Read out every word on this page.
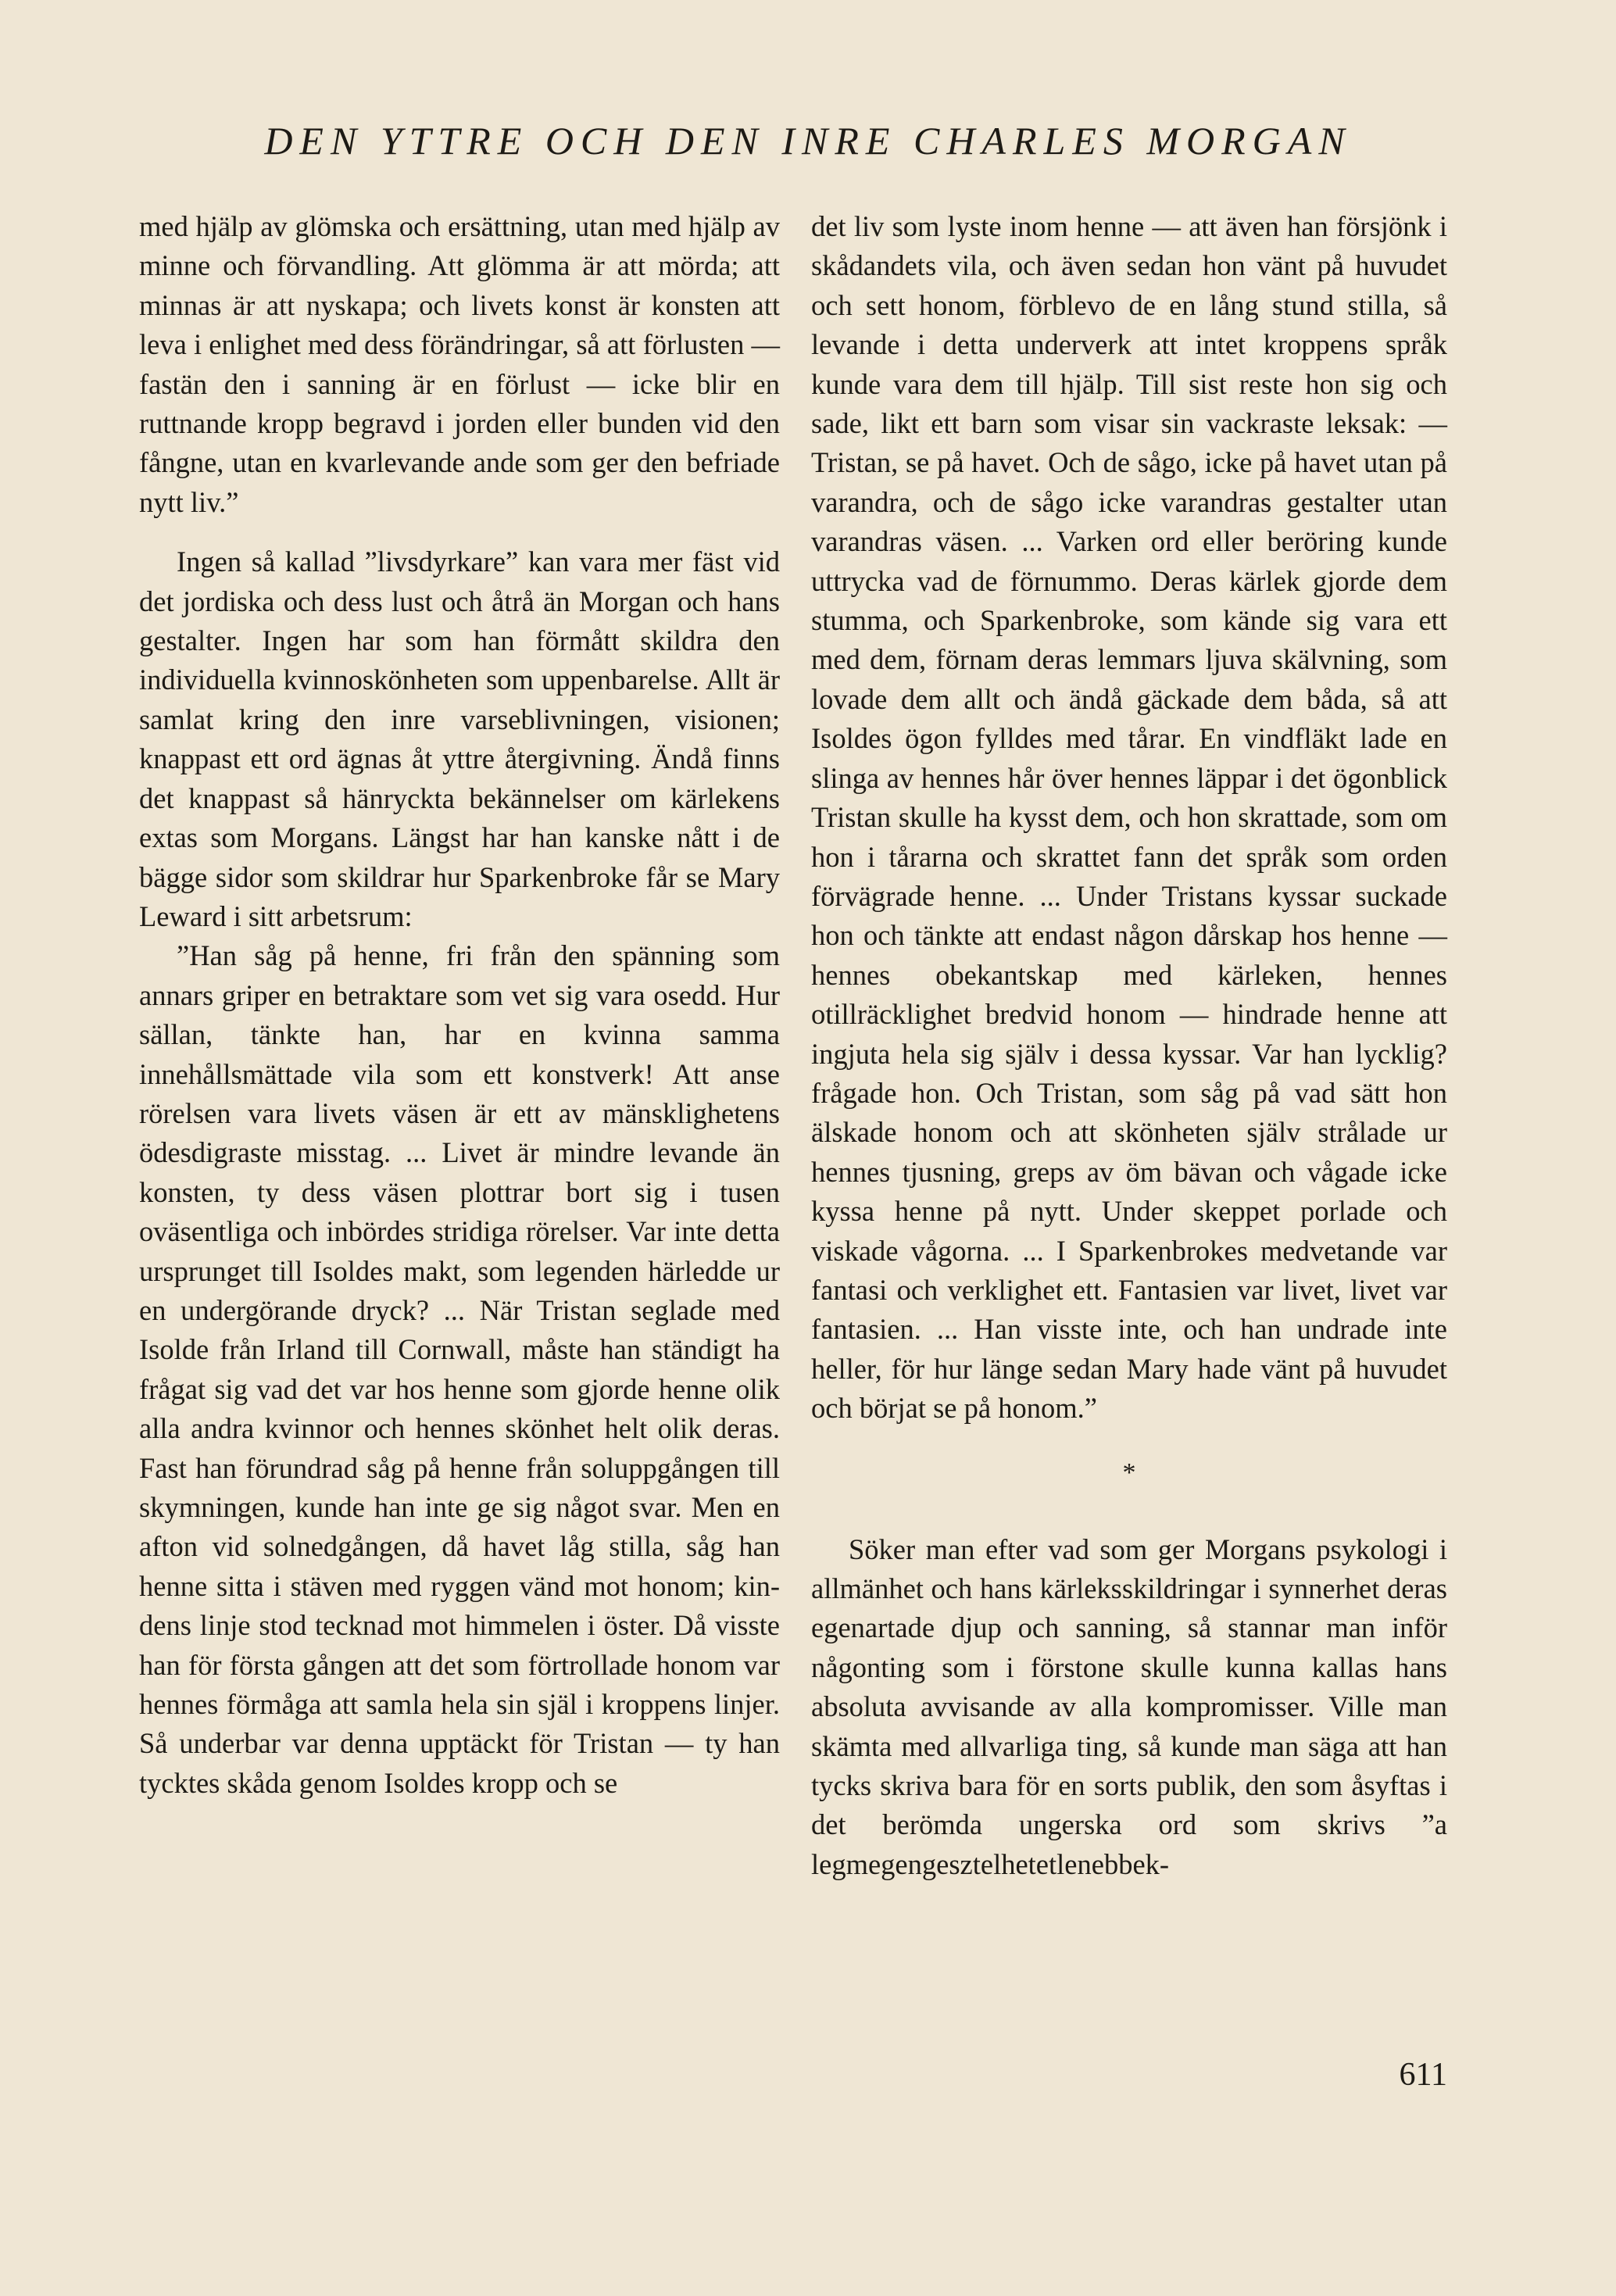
DEN YTTRE OCH DEN INRE CHARLES MORGAN

med hjälp av glömska och ersättning, utan med hjälp av minne och förvandling. Att glömma är att mörda; att minnas är att nyskapa; och livets konst är konsten att leva i enlighet med dess förändringar, så att förlusten — fastän den i sanning är en förlust — icke blir en ruttnande kropp begravd i jorden eller bunden vid den fångne, utan en kvarlevande ande som ger den befriade nytt liv.”

Ingen så kallad ”livsdyrkare” kan vara mer fäst vid det jordiska och dess lust och åtrå än Morgan och hans gestalter. Ingen har som han förmått skildra den individuella kvinnoskönheten som uppenbarelse. Allt är samlat kring den inre varseblivningen, visionen; knappast ett ord ägnas åt yttre återgivning. Ändå finns det knappast så hänryckta bekännelser om kärlekens extas som Morgans. Längst har han kanske nått i de bägge sidor som skildrar hur Sparkenbroke får se Mary Leward i sitt arbetsrum:

”Han såg på henne, fri från den spänning som annars griper en betraktare som vet sig vara osedd. Hur sällan, tänkte han, har en kvinna samma innehållsmättade vila som ett konstverk! Att anse rörelsen vara livets väsen är ett av mänsklighetens ödesdigraste misstag. ... Livet är mindre levande än konsten, ty dess väsen plottrar bort sig i tusen oväsentliga och inbördes stridiga rörelser. Var inte detta ursprunget till Isoldes makt, som legenden härledde ur en undergörande dryck? ... När Tristan seglade med Isolde från Irland till Cornwall, måste han ständigt ha frågat sig vad det var hos henne som gjorde henne olik alla andra kvinnor och hennes skönhet helt olik deras. Fast han förundrad såg på henne från soluppgången till skymningen, kunde han inte ge sig något svar. Men en afton vid solnedgången, då havet låg stilla, såg han henne sitta i stäven med ryggen vänd mot honom; kindens linje stod tecknad mot himmelen i öster. Då visste han för första gången att det som förtrollade honom var hennes förmåga att samla hela sin själ i kroppens linjer. Så underbar var denna upptäckt för Tristan — ty han tycktes skåda genom Isoldes kropp och se

det liv som lyste inom henne — att även han försjönk i skådandets vila, och även sedan hon vänt på huvudet och sett honom, förblevo de en lång stund stilla, så levande i detta underverk att intet kroppens språk kunde vara dem till hjälp. Till sist reste hon sig och sade, likt ett barn som visar sin vackraste leksak: — Tristan, se på havet. Och de sågo, icke på havet utan på varandra, och de sågo icke varandras gestalter utan varandras väsen. ... Varken ord eller beröring kunde uttrycka vad de förnummo. Deras kärlek gjorde dem stumma, och Sparkenbroke, som kände sig vara ett med dem, förnam deras lemmars ljuva skälvning, som lovade dem allt och ändå gäckade dem båda, så att Isoldes ögon fylldes med tårar. En vindfläkt lade en slinga av hennes hår över hennes läppar i det ögonblick Tristan skulle ha kysst dem, och hon skrattade, som om hon i tårarna och skrattet fann det språk som orden förvägrade henne. ... Under Tristans kyssar suckade hon och tänkte att endast någon dårskap hos henne — hennes obekantskap med kärleken, hennes otillräcklighet bredvid honom — hindrade henne att ingjuta hela sig själv i dessa kyssar. Var han lycklig? frågade hon. Och Tristan, som såg på vad sätt hon älskade honom och att skönheten själv strålade ur hennes tjusning, greps av öm bävan och vågade icke kyssa henne på nytt. Under skeppet porlade och viskade vågorna. ... I Sparkenbrokes medvetande var fantasi och verklighet ett. Fantasien var livet, livet var fantasien. ... Han visste inte, och han undrade inte heller, för hur länge sedan Mary hade vänt på huvudet och börjat se på honom.”

*

Söker man efter vad som ger Morgans psykologi i allmänhet och hans kärleksskildringar i synnerhet deras egenartade djup och sanning, så stannar man inför någonting som i förstone skulle kunna kallas hans absoluta avvisande av alla kompromisser. Ville man skämta med allvarliga ting, så kunde man säga att han tycks skriva bara för en sorts publik, den som åsyftas i det berömda ungerska ord som skrivs ”a legmegengesztelhetetlenebbek-

611
